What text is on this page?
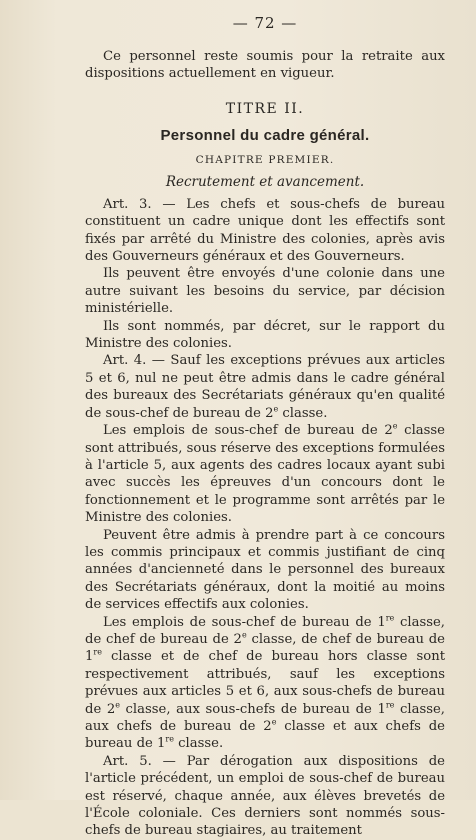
— 72 —

Ce personnel reste soumis pour la retraite aux dispositions actuellement en vigueur.

TITRE II.
Personnel du cadre général.
CHAPITRE PREMIER.
Recrutement et avancement.

Art. 3. — Les chefs et sous-chefs de bureau constituent un cadre unique dont les effectifs sont fixés par arrêté du Ministre des colonies, après avis des Gouverneurs généraux et des Gouverneurs.

Ils peuvent être envoyés d'une colonie dans une autre suivant les besoins du service, par décision ministérielle.

Ils sont nommés, par décret, sur le rapport du Ministre des colonies.

Art. 4. — Sauf les exceptions prévues aux articles 5 et 6, nul ne peut être admis dans le cadre général des bureaux des Secrétariats généraux qu'en qualité de sous-chef de bureau de 2e classe.

Les emplois de sous-chef de bureau de 2e classe sont attribués, sous réserve des exceptions formulées à l'article 5, aux agents des cadres locaux ayant subi avec succès les épreuves d'un concours dont le fonctionnement et le programme sont arrêtés par le Ministre des colonies.

Peuvent être admis à prendre part à ce concours les commis principaux et commis justifiant de cinq années d'ancienneté dans le personnel des bureaux des Secrétariats généraux, dont la moitié au moins de services effectifs aux colonies.

Les emplois de sous-chef de bureau de 1re classe, de chef de bureau de 2e classe, de chef de bureau de 1re classe et de chef de bureau hors classe sont respectivement attribués, sauf les exceptions prévues aux articles 5 et 6, aux sous-chefs de bureau de 2e classe, aux sous-chefs de bureau de 1re classe, aux chefs de bureau de 2e classe et aux chefs de bureau de 1re classe.

Art. 5. — Par dérogation aux dispositions de l'article précédent, un emploi de sous-chef de bureau est réservé, chaque année, aux élèves brevetés de l'École coloniale. Ces derniers sont nommés sous-chefs de bureau stagiaires, au traitement
